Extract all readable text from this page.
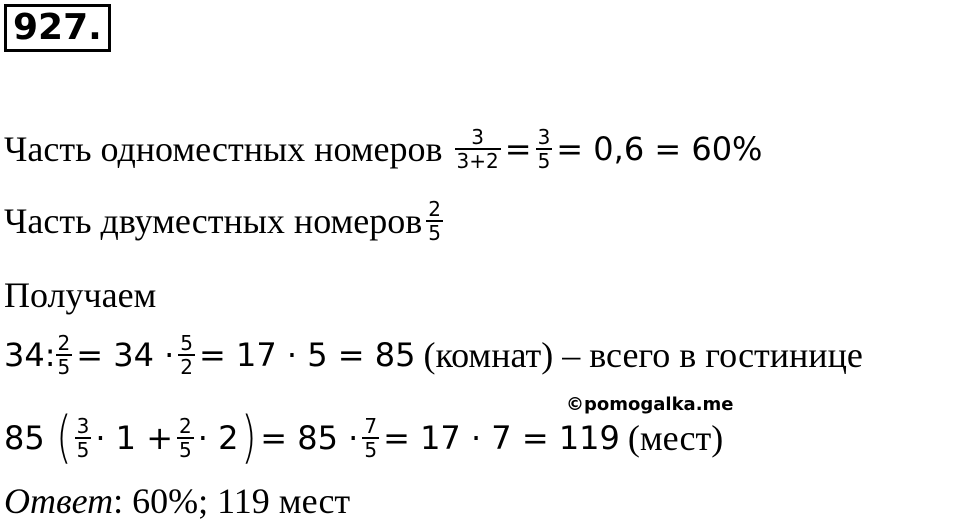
927.
Часть одноместных номеров $\frac{3}{3+2} = \frac{3}{5} = 0,6 = 60\%$
Часть двуместных номеров $\frac{2}{5}$
Получаем
34: $\frac{2}{5} = 34 \cdot \frac{5}{2} = 17 \cdot 5 = 85$ (комнат) – всего в гостинице
85 ( $\frac{3}{5} \cdot 1 + \frac{2}{5} \cdot 2$ ) = $85 \cdot \frac{7}{5} = 17 \cdot 7 = 119$ (мест)
©pomogalka.me
Ответ : 60%; 119 мест
